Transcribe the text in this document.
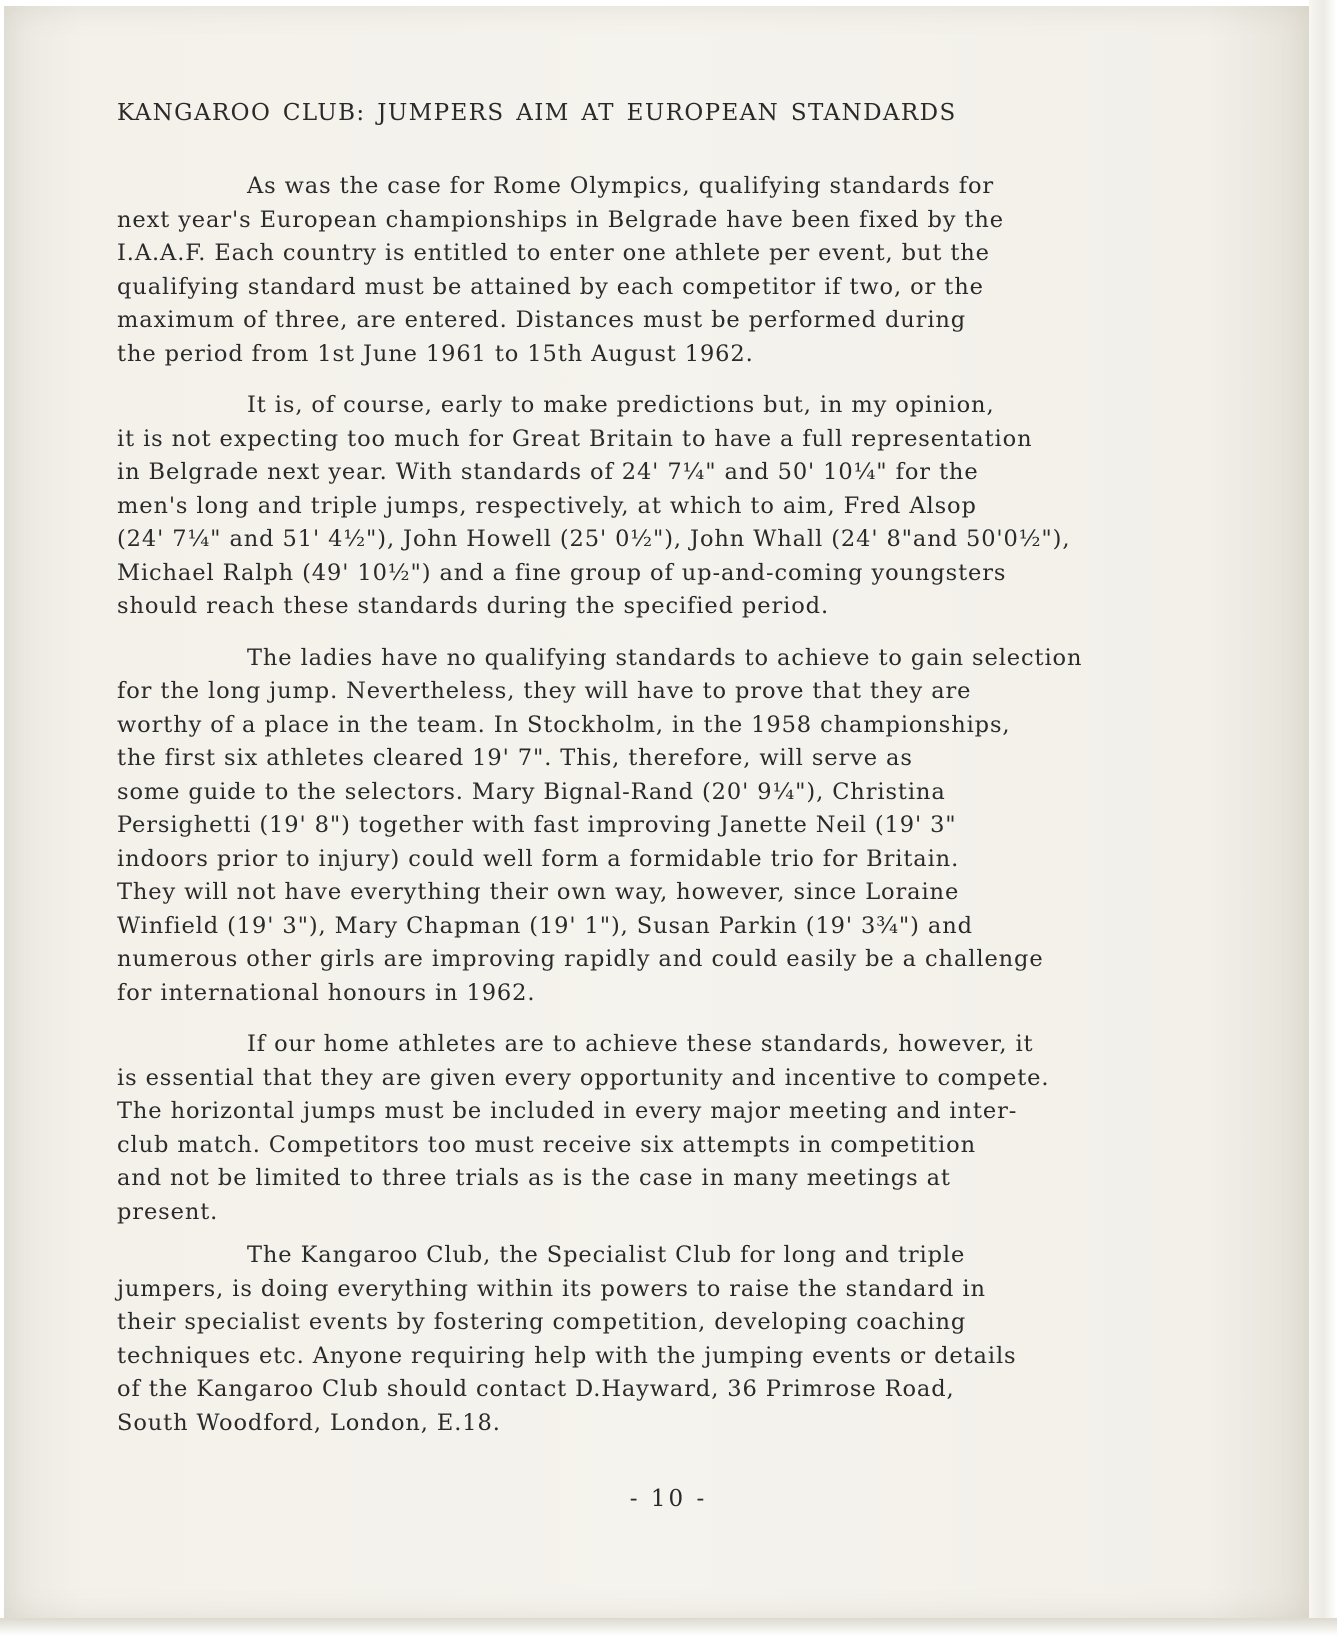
KANGAROO CLUB: JUMPERS AIM AT EUROPEAN STANDARDS
As was the case for Rome Olympics, qualifying standards for
next year's European championships in Belgrade have been fixed by the
I.A.A.F. Each country is entitled to enter one athlete per event, but the
qualifying standard must be attained by each competitor if two, or the
maximum of three, are entered. Distances must be performed during
the period from 1st June 1961 to 15th August 1962.
It is, of course, early to make predictions but, in my opinion,
it is not expecting too much for Great Britain to have a full representation
in Belgrade next year. With standards of 24' 7¼" and 50' 10¼" for the
men's long and triple jumps, respectively, at which to aim, Fred Alsop
(24' 7¼" and 51' 4½"), John Howell (25' 0½"), John Whall (24' 8"and 50'0½"),
Michael Ralph (49' 10½") and a fine group of up-and-coming youngsters
should reach these standards during the specified period.
The ladies have no qualifying standards to achieve to gain selection
for the long jump. Nevertheless, they will have to prove that they are
worthy of a place in the team. In Stockholm, in the 1958 championships,
the first six athletes cleared 19' 7". This, therefore, will serve as
some guide to the selectors. Mary Bignal-Rand (20' 9¼"), Christina
Persighetti (19' 8") together with fast improving Janette Neil (19' 3"
indoors prior to injury) could well form a formidable trio for Britain.
They will not have everything their own way, however, since Loraine
Winfield (19' 3"), Mary Chapman (19' 1"), Susan Parkin (19' 3¾") and
numerous other girls are improving rapidly and could easily be a challenge
for international honours in 1962.
If our home athletes are to achieve these standards, however, it
is essential that they are given every opportunity and incentive to compete.
The horizontal jumps must be included in every major meeting and inter-
club match. Competitors too must receive six attempts in competition
and not be limited to three trials as is the case in many meetings at
present.
The Kangaroo Club, the Specialist Club for long and triple
jumpers, is doing everything within its powers to raise the standard in
their specialist events by fostering competition, developing coaching
techniques etc. Anyone requiring help with the jumping events or details
of the Kangaroo Club should contact D.Hayward, 36 Primrose Road,
South Woodford, London, E.18.
- 10 -
